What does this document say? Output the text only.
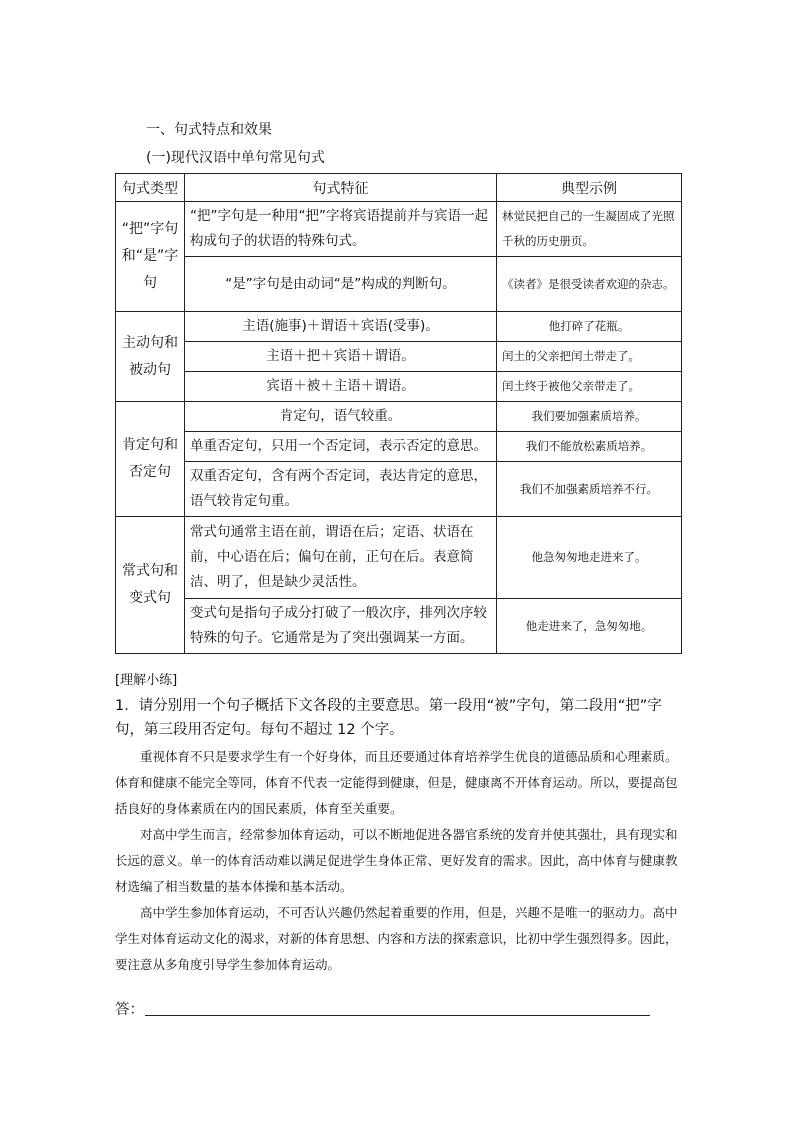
一、句式特点和效果
(一)现代汉语中单句常见句式
句式类型	句式特征	典型示例
“把”字句和“是”字句	“把”字句是一种用“把”字将宾语提前并与宾语一起构成句子的状语的特殊句式。	林觉民把自己的一生凝固成了光照千秋的历史册页。
	“是”字句是由动词“是”构成的判断句。	《读者》是很受读者欢迎的杂志。
主动句和被动句	主语(施事)＋谓语＋宾语(受事)。	他打碎了花瓶。
	主语＋把＋宾语＋谓语。	闰土的父亲把闰土带走了。
	宾语＋被＋主语＋谓语。	闰土终于被他父亲带走了。
肯定句和否定句	肯定句，语气较重。	我们要加强素质培养。
	单重否定句，只用一个否定词，表示否定的意思。	我们不能放松素质培养。
	双重否定句，含有两个否定词，表达肯定的意思，语气较肯定句重。	我们不加强素质培养不行。
常式句和变式句	常式句通常主语在前，谓语在后；定语、状语在前，中心语在后；偏句在前，正句在后。表意简洁、明了，但是缺少灵活性。	他急匆匆地走进来了。
	变式句是指句子成分打破了一般次序，排列次序较特殊的句子。它通常是为了突出强调某一方面。	他走进来了，急匆匆地。
[理解小练]
1．请分别用一个句子概括下文各段的主要意思。第一段用“被”字句，第二段用“把”字句，第三段用否定句。每句不超过 12 个字。

重视体育不只是要求学生有一个好身体，而且还要通过体育培养学生优良的道德品质和心理素质。体育和健康不能完全等同，体育不代表一定能得到健康，但是，健康离不开体育运动。所以，要提高包括良好的身体素质在内的国民素质，体育至关重要。

对高中学生而言，经常参加体育运动，可以不断地促进各器官系统的发育并使其强壮，具有现实和长远的意义。单一的体育活动难以满足促进学生身体正常、更好发育的需求。因此，高中体育与健康教材选编了相当数量的基本体操和基本活动。

高中学生参加体育运动，不可否认兴趣仍然起着重要的作用，但是，兴趣不是唯一的驱动力。高中学生对体育运动文化的渴求，对新的体育思想、内容和方法的探索意识，比初中学生强烈得多。因此，要注意从多角度引导学生参加体育运动。

答：
